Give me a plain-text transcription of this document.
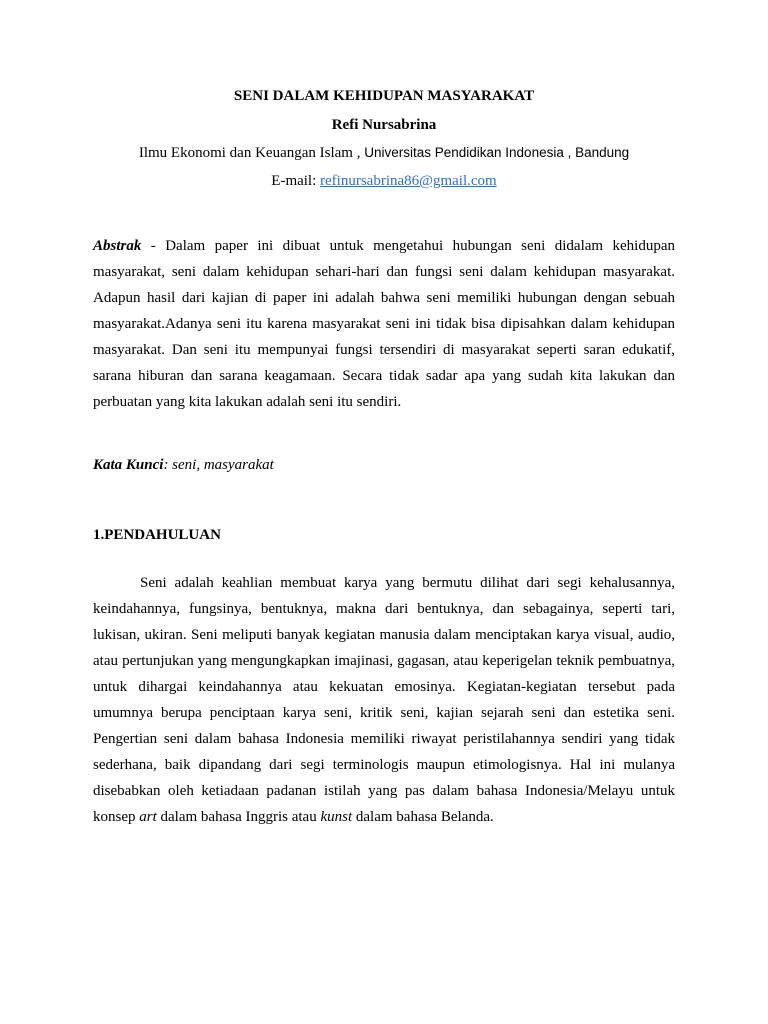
SENI DALAM KEHIDUPAN MASYARAKAT
Refi Nursabrina
Ilmu Ekonomi dan Keuangan Islam , Universitas Pendidikan Indonesia , Bandung
E-mail: refinursabrina86@gmail.com
Abstrak - Dalam paper ini dibuat untuk mengetahui hubungan seni didalam kehidupan masyarakat, seni dalam kehidupan sehari-hari dan fungsi seni dalam kehidupan masyarakat. Adapun hasil dari kajian di paper ini adalah bahwa seni memiliki hubungan dengan sebuah masyarakat.Adanya seni itu karena masyarakat seni ini tidak bisa dipisahkan dalam kehidupan masyarakat. Dan seni itu mempunyai fungsi tersendiri di masyarakat seperti saran edukatif, sarana hiburan dan sarana keagamaan. Secara tidak sadar apa yang sudah kita lakukan dan perbuatan yang kita lakukan adalah seni itu sendiri.
Kata Kunci: seni, masyarakat
1.PENDAHULUAN
Seni adalah keahlian membuat karya yang bermutu dilihat dari segi kehalusannya, keindahannya, fungsinya, bentuknya, makna dari bentuknya, dan sebagainya, seperti tari, lukisan, ukiran. Seni meliputi banyak kegiatan manusia dalam menciptakan karya visual, audio, atau pertunjukan yang mengungkapkan imajinasi, gagasan, atau keperigelan teknik pembuatnya, untuk dihargai keindahannya atau kekuatan emosinya. Kegiatan-kegiatan tersebut pada umumnya berupa penciptaan karya seni, kritik seni, kajian sejarah seni dan estetika seni. Pengertian seni dalam bahasa Indonesia memiliki riwayat peristilahannya sendiri yang tidak sederhana, baik dipandang dari segi terminologis maupun etimologisnya. Hal ini mulanya disebabkan oleh ketiadaan padanan istilah yang pas dalam bahasa Indonesia/Melayu untuk konsep art dalam bahasa Inggris atau kunst dalam bahasa Belanda.
